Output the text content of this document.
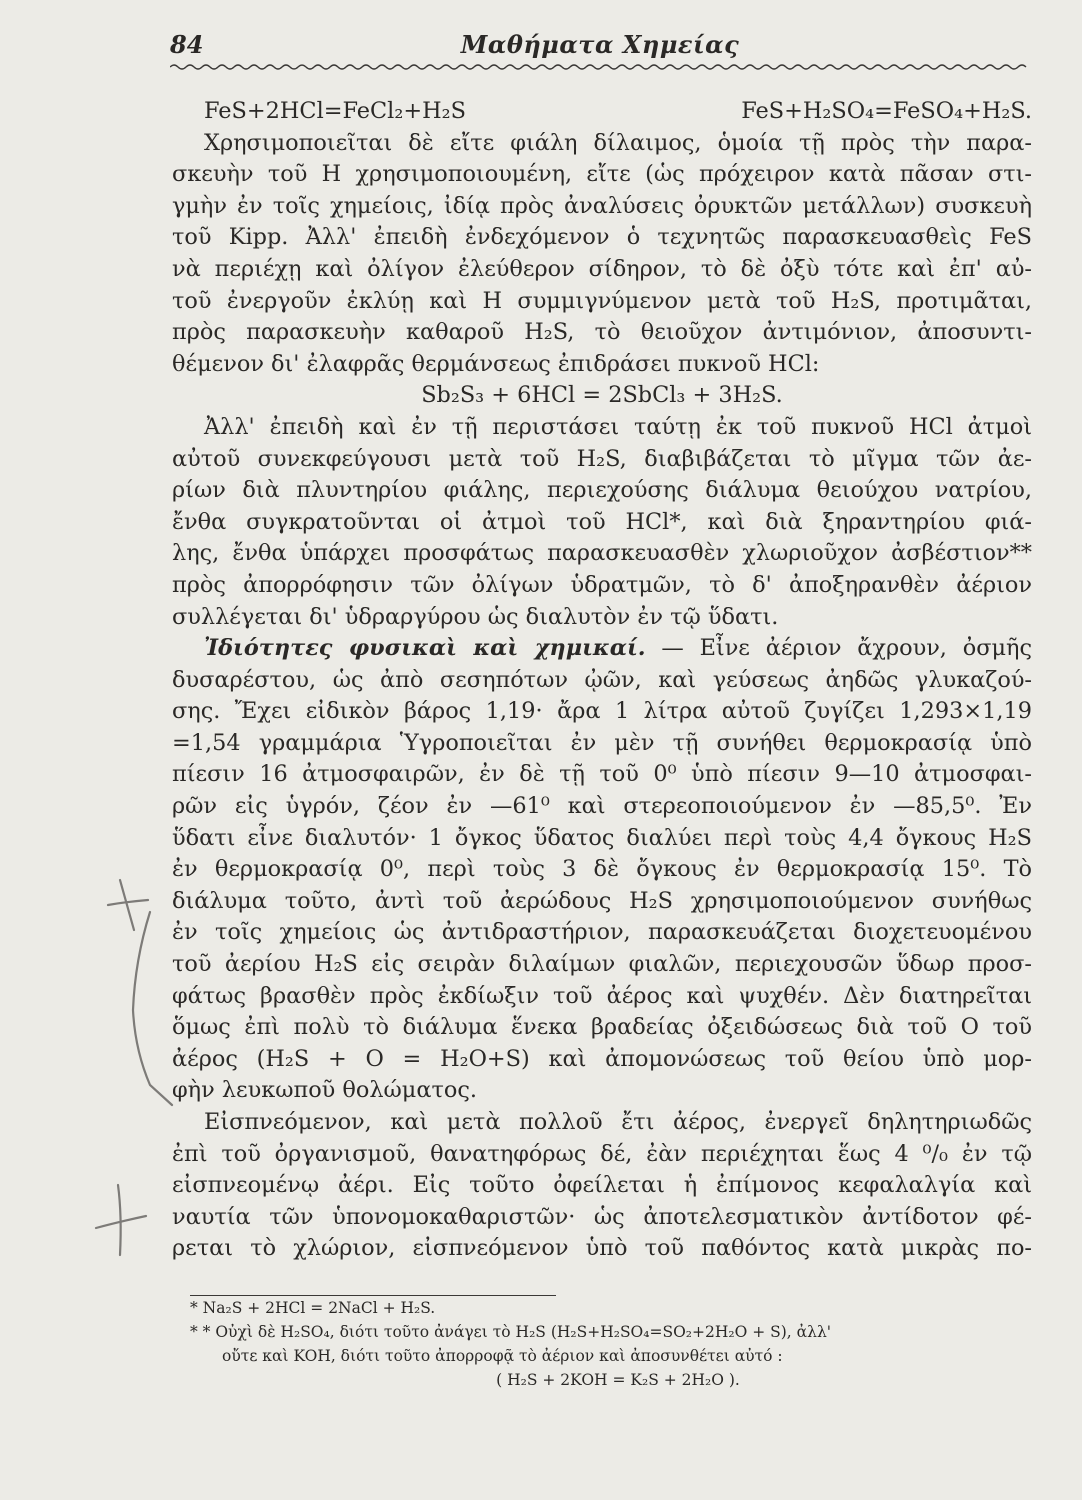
84	Μαθήματα Χημείας
FeS+2HCl=FeCl₂+H₂S FeS+H₂SO₄=FeSO₄+H₂S.
Χρησιμοποιεῖται δὲ εἴτε φιάλη δίλαιμος, ὁμοία τῇ πρὸς τὴν παρα-
σκευὴν τοῦ Η χρησιμοποιουμένη, εἴτε (ὡς πρόχειρον κατὰ πᾶσαν στι-
γμὴν ἐν τοῖς χημείοις, ἰδίᾳ πρὸς ἀναλύσεις ὀρυκτῶν μετάλλων) συσκευὴ
τοῦ Kipp. Ἀλλ' ἐπειδὴ ἐνδεχόμενον ὁ τεχνητῶς παρασκευασθεὶς FeS
νὰ περιέχῃ καὶ ὀλίγον ἐλεύθερον σίδηρον, τὸ δὲ ὀξὺ τότε καὶ ἐπ' αὐ-
τοῦ ἐνεργοῦν ἐκλύῃ καὶ Η συμμιγνύμενον μετὰ τοῦ H₂S, προτιμᾶται,
πρὸς παρασκευὴν καθαροῦ H₂S, τὸ θειοῦχον ἀντιμόνιον, ἀποσυντι-
θέμενον δι' ἐλαφρᾶς θερμάνσεως ἐπιδράσει πυκνοῦ HCl:
Sb₂S₃ + 6HCl = 2SbCl₃ + 3H₂S.
Ἀλλ' ἐπειδὴ καὶ ἐν τῇ περιστάσει ταύτῃ ἐκ τοῦ πυκνοῦ HCl ἀτμοὶ
αὐτοῦ συνεκφεύγουσι μετὰ τοῦ H₂S, διαβιβάζεται τὸ μῖγμα τῶν ἀε-
ρίων διὰ πλυντηρίου φιάλης, περιεχούσης διάλυμα θειούχου νατρίου,
ἔνθα συγκρατοῦνται οἱ ἀτμοὶ τοῦ HCl*, καὶ διὰ ξηραντηρίου φιά-
λης, ἔνθα ὑπάρχει προσφάτως παρασκευασθὲν χλωριοῦχον ἀσβέστιον**
πρὸς ἀπορρόφησιν τῶν ὀλίγων ὑδρατμῶν, τὸ δ' ἀποξηρανθὲν ἀέριον
συλλέγεται δι' ὑδραργύρου ὡς διαλυτὸν ἐν τῷ ὕδατι.
Ἰδιότητες φυσικαὶ καὶ χημικαί. — Εἶνε ἀέριον ἄχρουν, ὀσμῆς
δυσαρέστου, ὡς ἀπὸ σεσηπότων ᾠῶν, καὶ γεύσεως ἀηδῶς γλυκαζού-
σης. Ἔχει εἰδικὸν βάρος 1,19· ἄρα 1 λίτρα αὐτοῦ ζυγίζει 1,293×1,19
=1,54 γραμμάρια Ὑγροποιεῖται ἐν μὲν τῇ συνήθει θερμοκρασίᾳ ὑπὸ
πίεσιν 16 ἀτμοσφαιρῶν, ἐν δὲ τῇ τοῦ 0⁰ ὑπὸ πίεσιν 9—10 ἀτμοσφαι-
ρῶν εἰς ὑγρόν, ζέον ἐν —61⁰ καὶ στερεοποιούμενον ἐν —85,5⁰. Ἐν
ὕδατι εἶνε διαλυτόν· 1 ὄγκος ὕδατος διαλύει περὶ τοὺς 4,4 ὄγκους H₂S
ἐν θερμοκρασίᾳ 0⁰, περὶ τοὺς 3 δὲ ὄγκους ἐν θερμοκρασίᾳ 15⁰. Τὸ
διάλυμα τοῦτο, ἀντὶ τοῦ ἀερώδους H₂S χρησιμοποιούμενον συνήθως
ἐν τοῖς χημείοις ὡς ἀντιδραστήριον, παρασκευάζεται διοχετευομένου
τοῦ ἀερίου H₂S εἰς σειρὰν διλαίμων φιαλῶν, περιεχουσῶν ὕδωρ προσ-
φάτως βρασθὲν πρὸς ἐκδίωξιν τοῦ ἀέρος καὶ ψυχθέν. Δὲν διατηρεῖται
ὅμως ἐπὶ πολὺ τὸ διάλυμα ἕνεκα βραδείας ὀξειδώσεως διὰ τοῦ Ο τοῦ
ἀέρος (H₂S + O = H₂O+S) καὶ ἀπομονώσεως τοῦ θείου ὑπὸ μορ-
φὴν λευκωποῦ θολώματος.
Εἰσπνεόμενον, καὶ μετὰ πολλοῦ ἔτι ἀέρος, ἐνεργεῖ δηλητηριωδῶς
ἐπὶ τοῦ ὀργανισμοῦ, θανατηφόρως δέ, ἐὰν περιέχηται ἕως 4 ⁰/₀ ἐν τῷ
εἰσπνεομένῳ ἀέρι. Εἰς τοῦτο ὀφείλεται ἡ ἐπίμονος κεφαλαλγία καὶ
ναυτία τῶν ὑπονομοκαθαριστῶν· ὡς ἀποτελεσματικὸν ἀντίδοτον φέ-
ρεται τὸ χλώριον, εἰσπνεόμενον ὑπὸ τοῦ παθόντος κατὰ μικρὰς πο-
* Na₂S + 2HCl = 2NaCl + H₂S.
* * Οὐχὶ δὲ H₂SO₄, διότι τοῦτο ἀνάγει τὸ H₂S (H₂S+H₂SO₄=SO₂+2H₂O + S), ἀλλ'
οὔτε καὶ KOH, διότι τοῦτο ἀπορροφᾷ τὸ ἀέριον καὶ ἀποσυνθέτει αὐτό :
( H₂S + 2KOH = K₂S + 2H₂O ).
